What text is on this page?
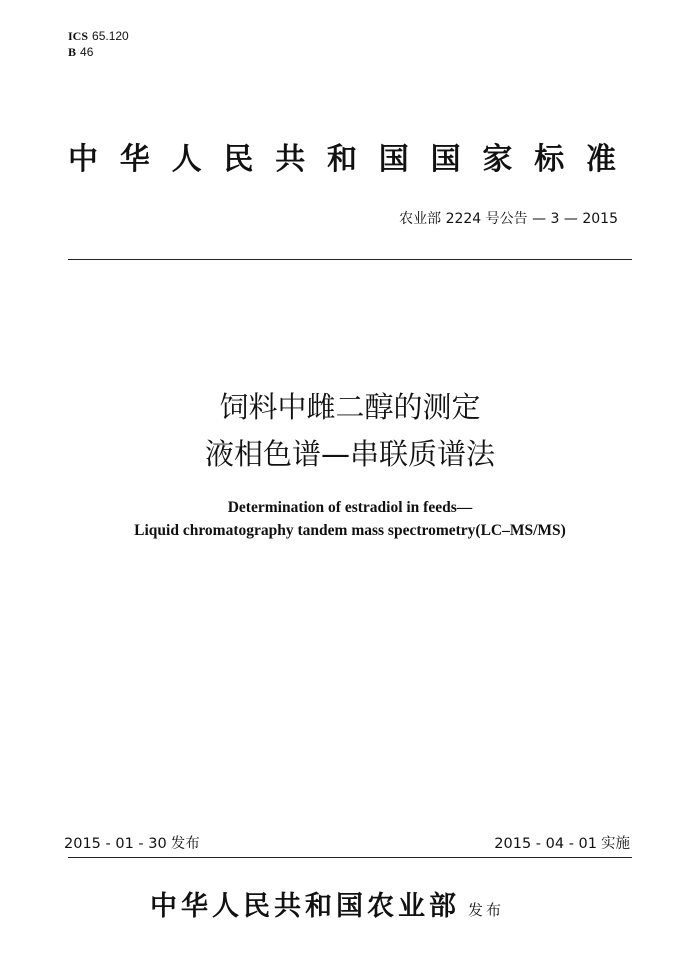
ICS 65.120
B 46
中华人民共和国国家标准
农业部 2224 号公告 — 3 — 2015
饲料中雌二醇的测定
液相色谱—串联质谱法
Determination of estradiol in feeds—
Liquid chromatography tandem mass spectrometry(LC–MS/MS)
2015 - 01 - 30 发布	2015 - 04 - 01 实施
中华人民共和国农业部 发布
